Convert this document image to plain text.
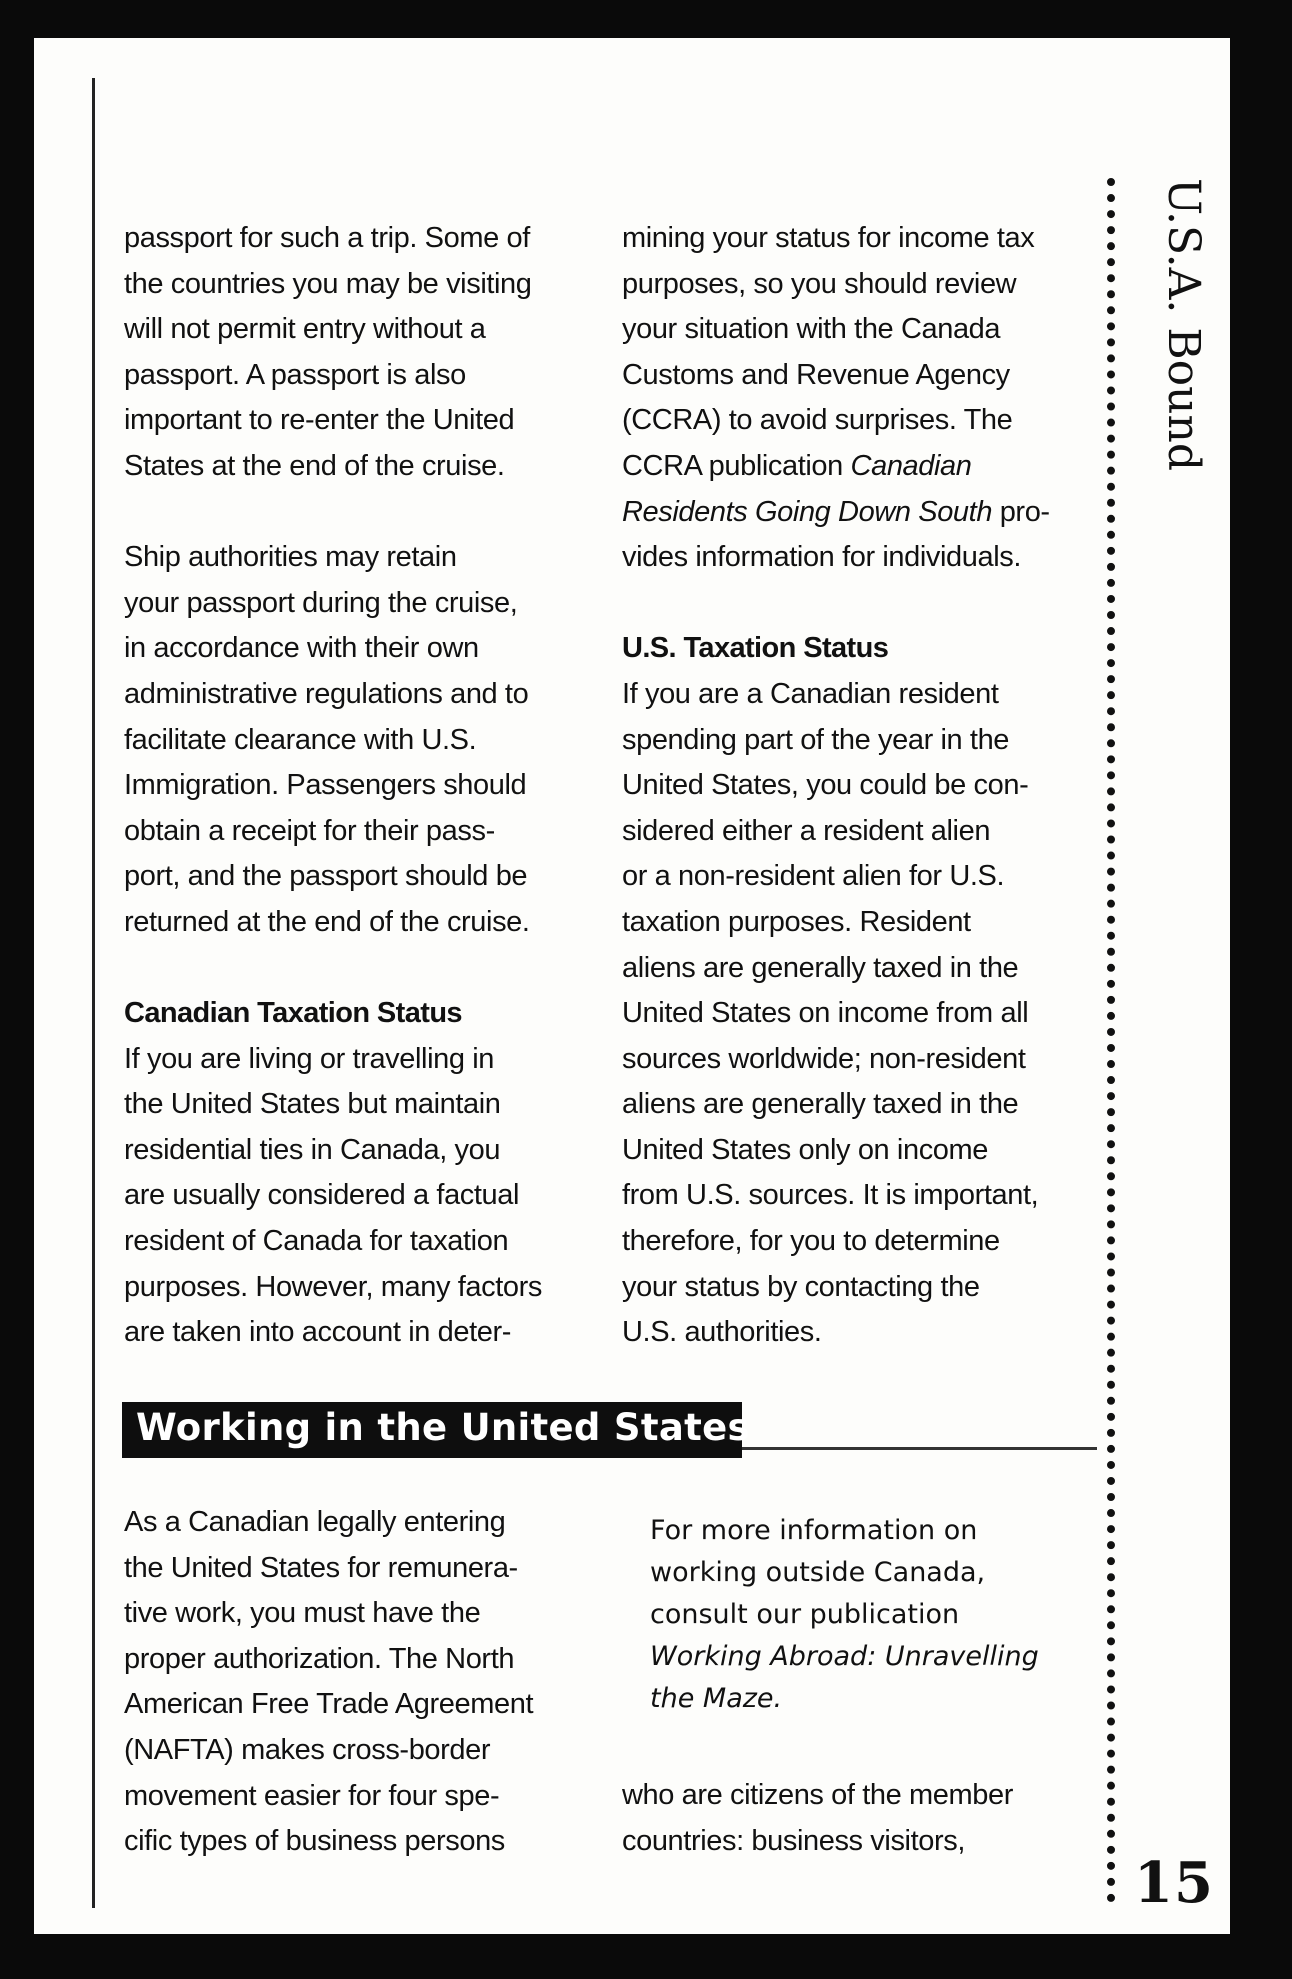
passport for such a trip. Some of

the countries you may be visiting

will not permit entry without a

passport. A passport is also

important to re-enter the United

States at the end of the cruise.

Ship authorities may retain

your passport during the cruise,

in accordance with their own

administrative regulations and to

facilitate clearance with U.S.

Immigration. Passengers should

obtain a receipt for their pass-

port, and the passport should be

returned at the end of the cruise.

Canadian Taxation Status

If you are living or travelling in

the United States but maintain

residential ties in Canada, you

are usually considered a factual

resident of Canada for taxation

purposes. However, many factors

are taken into account in deter-

mining your status for income tax

purposes, so you should review

your situation with the Canada

Customs and Revenue Agency

(CCRA) to avoid surprises. The

CCRA publication Canadian

Residents Going Down South pro-

vides information for individuals.

U.S. Taxation Status

If you are a Canadian resident

spending part of the year in the

United States, you could be con-

sidered either a resident alien

or a non-resident alien for U.S.

taxation purposes. Resident

aliens are generally taxed in the

United States on income from all

sources worldwide; non-resident

aliens are generally taxed in the

United States only on income

from U.S. sources. It is important,

therefore, for you to determine

your status by contacting the

U.S. authorities.

Working in the United States

As a Canadian legally entering

the United States for remunera-

tive work, you must have the

proper authorization. The North

American Free Trade Agreement

(NAFTA) makes cross-border

movement easier for four spe-

cific types of business persons

For more information on

working outside Canada,

consult our publication

Working Abroad: Unravelling

the Maze.

who are citizens of the member

countries: business visitors,

U.S.A. Bound
15
